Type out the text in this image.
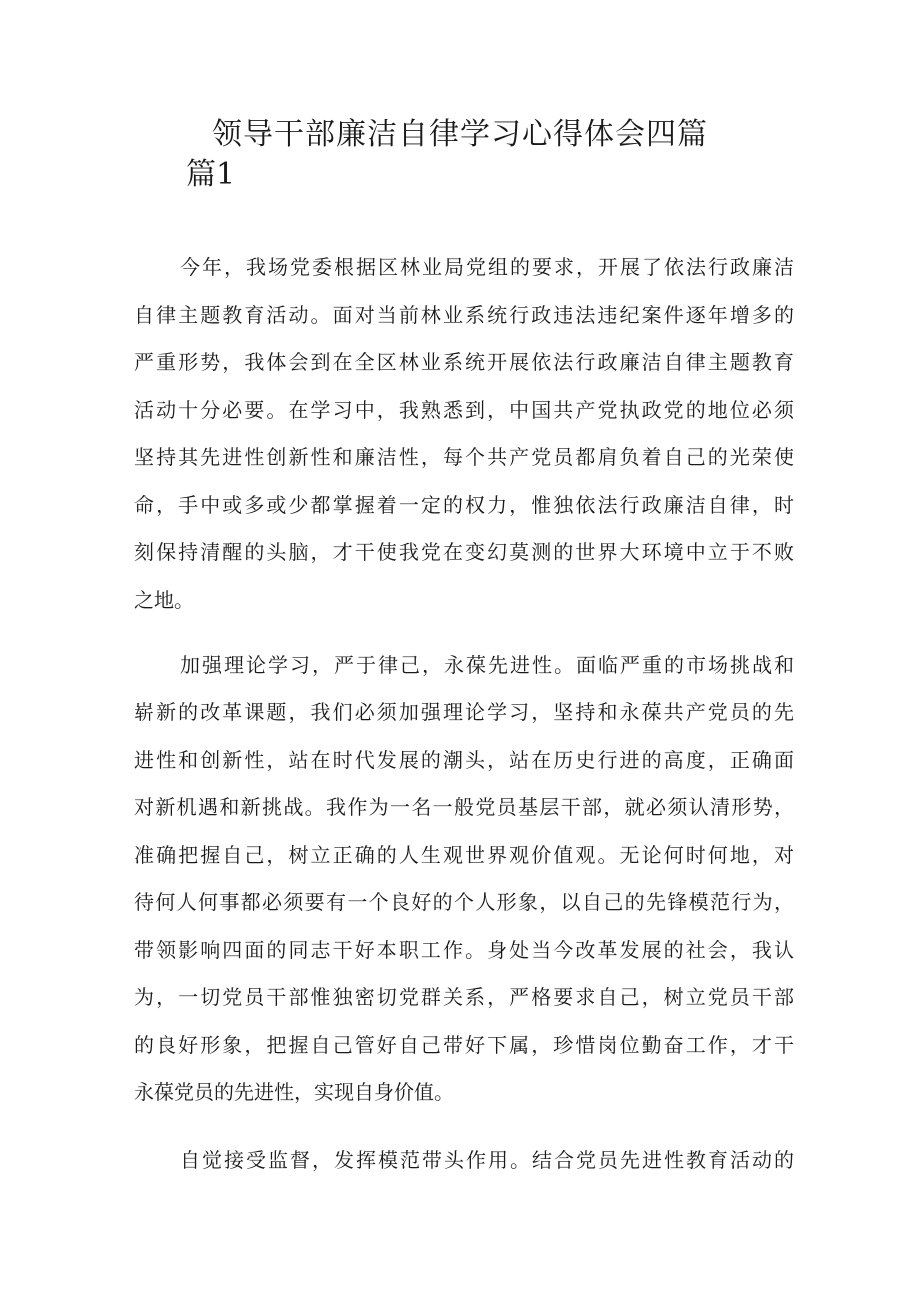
领导干部廉洁自律学习心得体会四篇
篇1
今年，我场党委根据区林业局党组的要求，开展了依法行政廉洁
自律主题教育活动。面对当前林业系统行政违法违纪案件逐年增多的
严重形势，我体会到在全区林业系统开展依法行政廉洁自律主题教育
活动十分必要。在学习中，我熟悉到，中国共产党执政党的地位必须
坚持其先进性创新性和廉洁性，每个共产党员都肩负着自己的光荣使
命，手中或多或少都掌握着一定的权力，惟独依法行政廉洁自律，时
刻保持清醒的头脑，才干使我党在变幻莫测的世界大环境中立于不败
之地。
加强理论学习，严于律己，永葆先进性。面临严重的市场挑战和
崭新的改革课题，我们必须加强理论学习，坚持和永葆共产党员的先
进性和创新性，站在时代发展的潮头，站在历史行进的高度，正确面
对新机遇和新挑战。我作为一名一般党员基层干部，就必须认清形势，
准确把握自己，树立正确的人生观世界观价值观。无论何时何地，对
待何人何事都必须要有一个良好的个人形象，以自己的先锋模范行为，
带领影响四面的同志干好本职工作。身处当今改革发展的社会，我认
为，一切党员干部惟独密切党群关系，严格要求自己，树立党员干部
的良好形象，把握自己管好自己带好下属，珍惜岗位勤奋工作，才干
永葆党员的先进性，实现自身价值。
自觉接受监督，发挥模范带头作用。结合党员先进性教育活动的
